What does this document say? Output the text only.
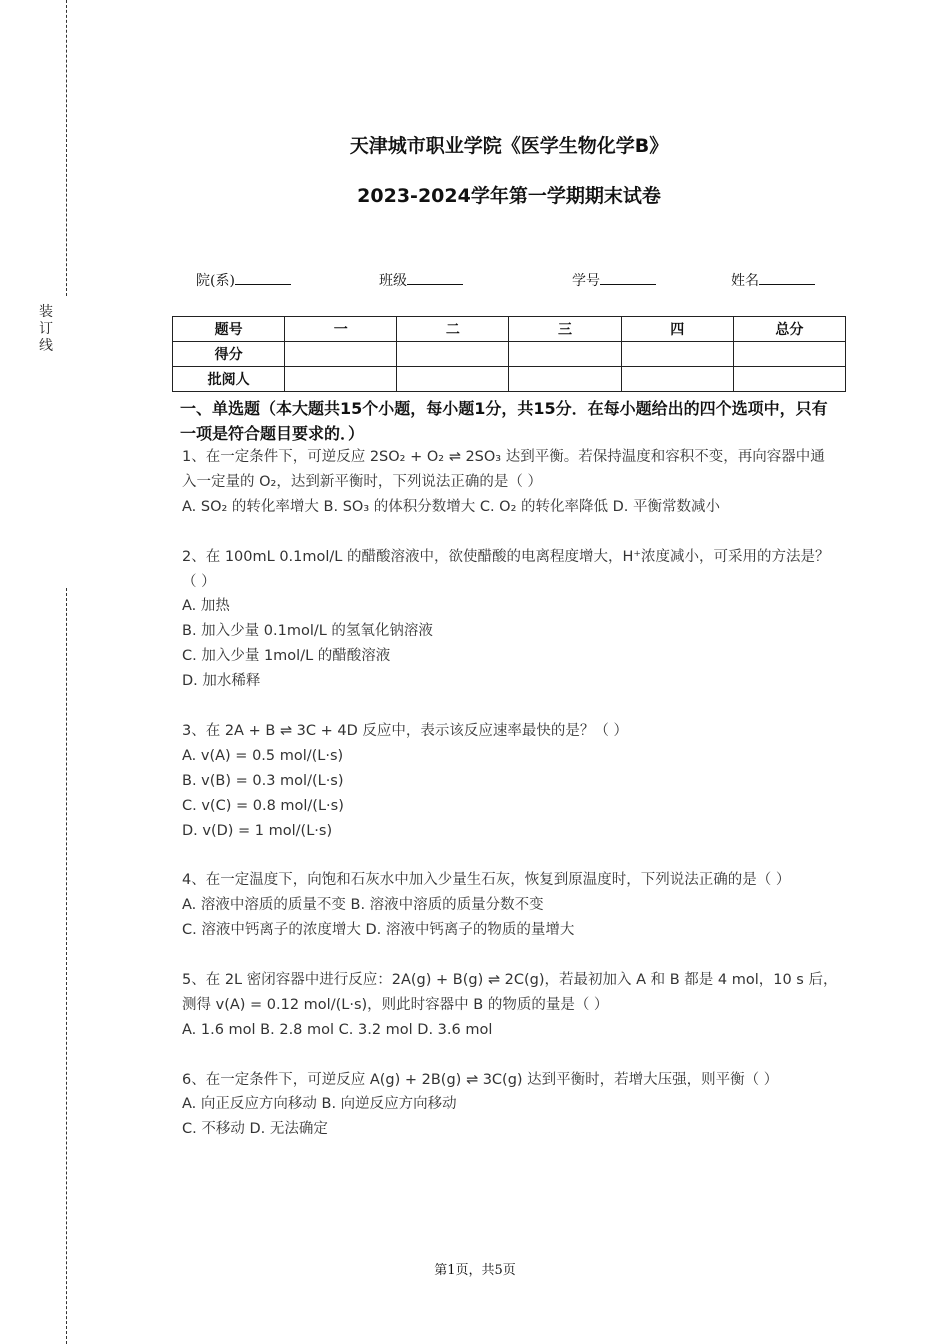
装订线
天津城市职业学院《医学生物化学B》
2023-2024学年第一学期期末试卷
院(系)	班级	学号	姓名
题号	一	二	三	四	总分
得分					
批阅人					
一、单选题（本大题共15个小题，每小题1分，共15分．在每小题给出的四个选项中，只有一项是符合题目要求的．）

1、在一定条件下，可逆反应 2SO₂ + O₂ ⇌ 2SO₃ 达到平衡。若保持温度和容积不变，再向容器中通入一定量的 O₂，达到新平衡时，下列说法正确的是（ ）

A. SO₂ 的转化率增大 B. SO₃ 的体积分数增大 C. O₂ 的转化率降低 D. 平衡常数减小

2、在 100mL 0.1mol/L 的醋酸溶液中，欲使醋酸的电离程度增大，H⁺浓度减小，可采用的方法是？（ ）

A. 加热

B. 加入少量 0.1mol/L 的氢氧化钠溶液

C. 加入少量 1mol/L 的醋酸溶液

D. 加水稀释

3、在 2A + B ⇌ 3C + 4D 反应中，表示该反应速率最快的是？（ ）

A. v(A) = 0.5 mol/(L·s)

B. v(B) = 0.3 mol/(L·s)

C. v(C) = 0.8 mol/(L·s)

D. v(D) = 1 mol/(L·s)

4、在一定温度下，向饱和石灰水中加入少量生石灰，恢复到原温度时，下列说法正确的是（ ）

A. 溶液中溶质的质量不变 B. 溶液中溶质的质量分数不变

C. 溶液中钙离子的浓度增大 D. 溶液中钙离子的物质的量增大

5、在 2L 密闭容器中进行反应：2A(g) + B(g) ⇌ 2C(g)，若最初加入 A 和 B 都是 4 mol，10 s 后，测得 v(A) = 0.12 mol/(L·s)，则此时容器中 B 的物质的量是（ ）

A. 1.6 mol B. 2.8 mol C. 3.2 mol D. 3.6 mol

6、在一定条件下，可逆反应 A(g) + 2B(g) ⇌ 3C(g) 达到平衡时，若增大压强，则平衡（ ）

A. 向正反应方向移动 B. 向逆反应方向移动

C. 不移动 D. 无法确定

第1页，共5页
